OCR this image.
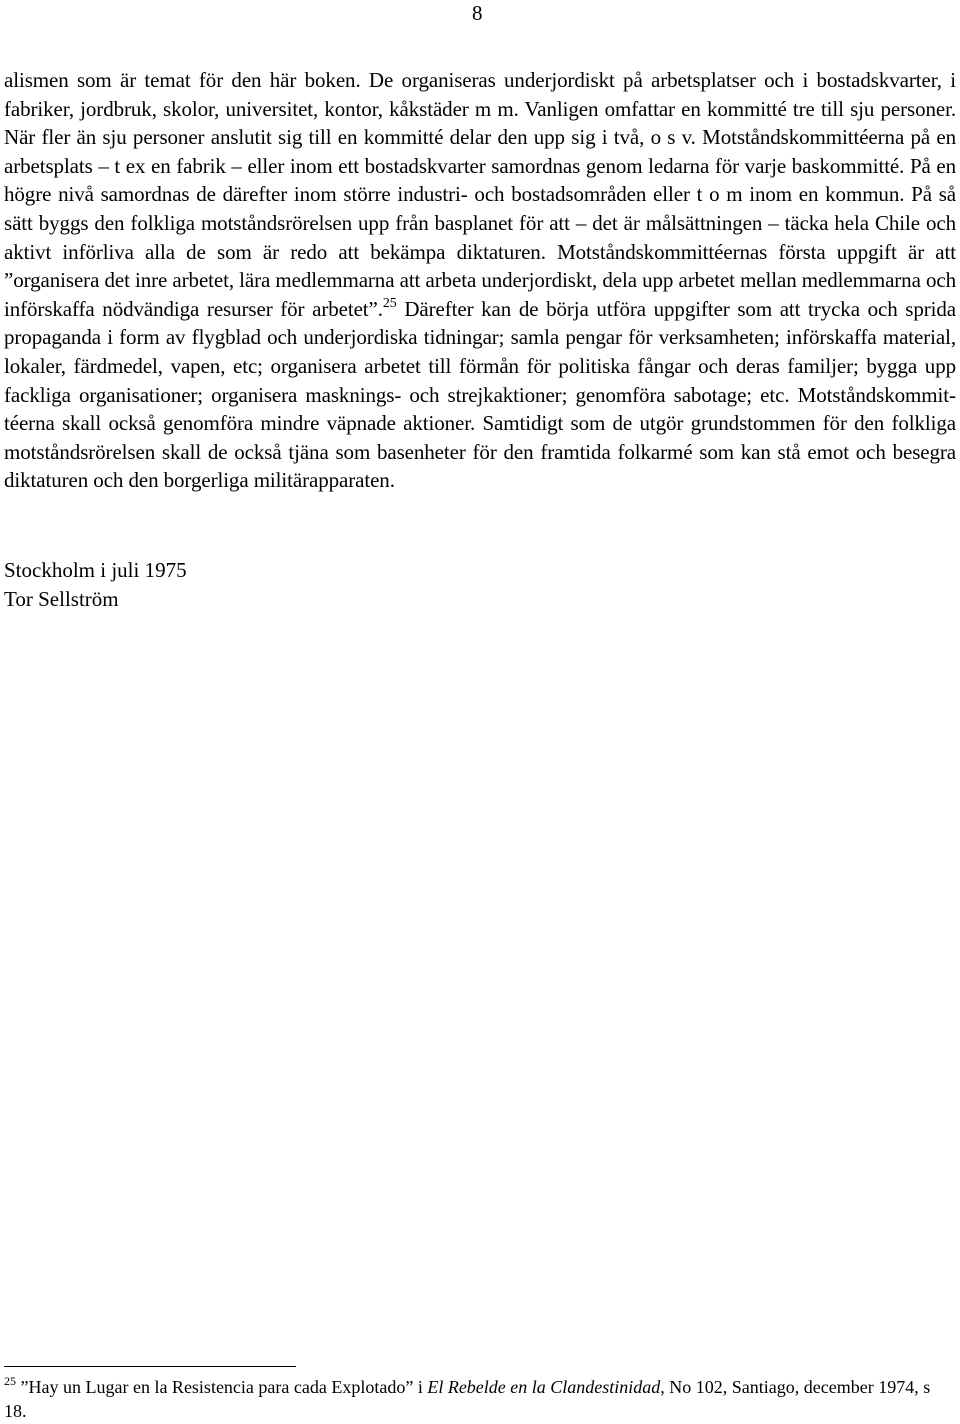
8

alismen som är temat för den här boken. De organiseras underjordiskt på arbetsplatser och i bostadskvarter, i fabriker, jordbruk, skolor, universitet, kontor, kåkstäder m m. Vanligen omfattar en kommitté tre till sju personer. När fler än sju personer anslutit sig till en kommitté delar den upp sig i två, o s v. Motståndskommittéerna på en arbetsplats – t ex en fabrik – eller inom ett bostadskvarter samordnas genom ledarna för varje baskommitté. På en högre nivå samordnas de därefter inom större industri- och bostadsområden eller t o m inom en kommun. På så sätt byggs den folkliga motståndsrörelsen upp från basplanet för att – det är målsättningen – täcka hela Chile och aktivt införliva alla de som är redo att bekämpa diktaturen. Motståndskommittéernas första uppgift är att ”organisera det inre arbetet, lära medlemmarna att arbeta underjordiskt, dela upp arbetet mellan medlemmarna och införskaffa nödvändiga resurser för arbetet”.$^{25}$ Därefter kan de börja utföra uppgifter som att trycka och sprida propaganda i form av flygblad och underjordiska tidningar; samla pengar för verksamheten; införskaffa material, lokaler, färdmedel, vapen, etc; organisera arbetet till förmån för politiska fångar och deras familjer; bygga upp fackliga organisationer; organisera masknings- och strejkaktioner; genomföra sabotage; etc. Motståndskommittéerna skall också genomföra mindre väpnade aktioner. Samtidigt som de utgör grundstommen för den folkliga motståndsrörelsen skall de också tjäna som basenheter för den framtida folkarmé som kan stå emot och besegra diktaturen och den borgerliga militärapparaten.

Stockholm i juli 1975
Tor Sellström

$^{25}$ ”Hay un Lugar en la Resistencia para cada Explotado” i El Rebelde en la Clandestinidad, No 102, Santiago, december 1974, s 18.
